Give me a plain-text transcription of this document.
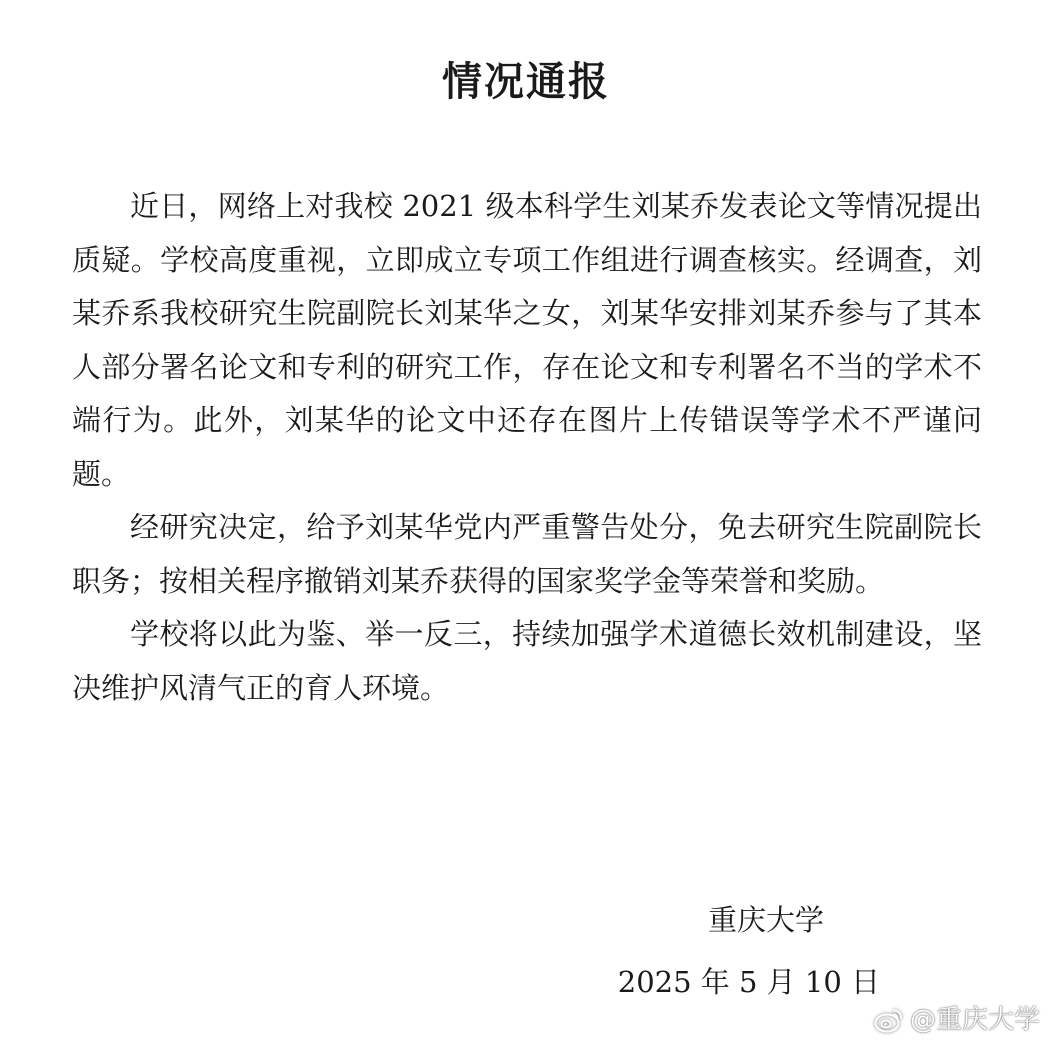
情况通报

近日，网络上对我校 2021 级本科学生刘某乔发表论文等情况提出质疑。学校高度重视，立即成立专项工作组进行调查核实。经调查，刘某乔系我校研究生院副院长刘某华之女，刘某华安排刘某乔参与了其本人部分署名论文和专利的研究工作，存在论文和专利署名不当的学术不端行为。此外，刘某华的论文中还存在图片上传错误等学术不严谨问题。

经研究决定，给予刘某华党内严重警告处分，免去研究生院副院长职务；按相关程序撤销刘某乔获得的国家奖学金等荣誉和奖励。

学校将以此为鉴、举一反三，持续加强学术道德长效机制建设，坚决维护风清气正的育人环境。

重庆大学
2025 年 5 月 10 日
@重庆大学
